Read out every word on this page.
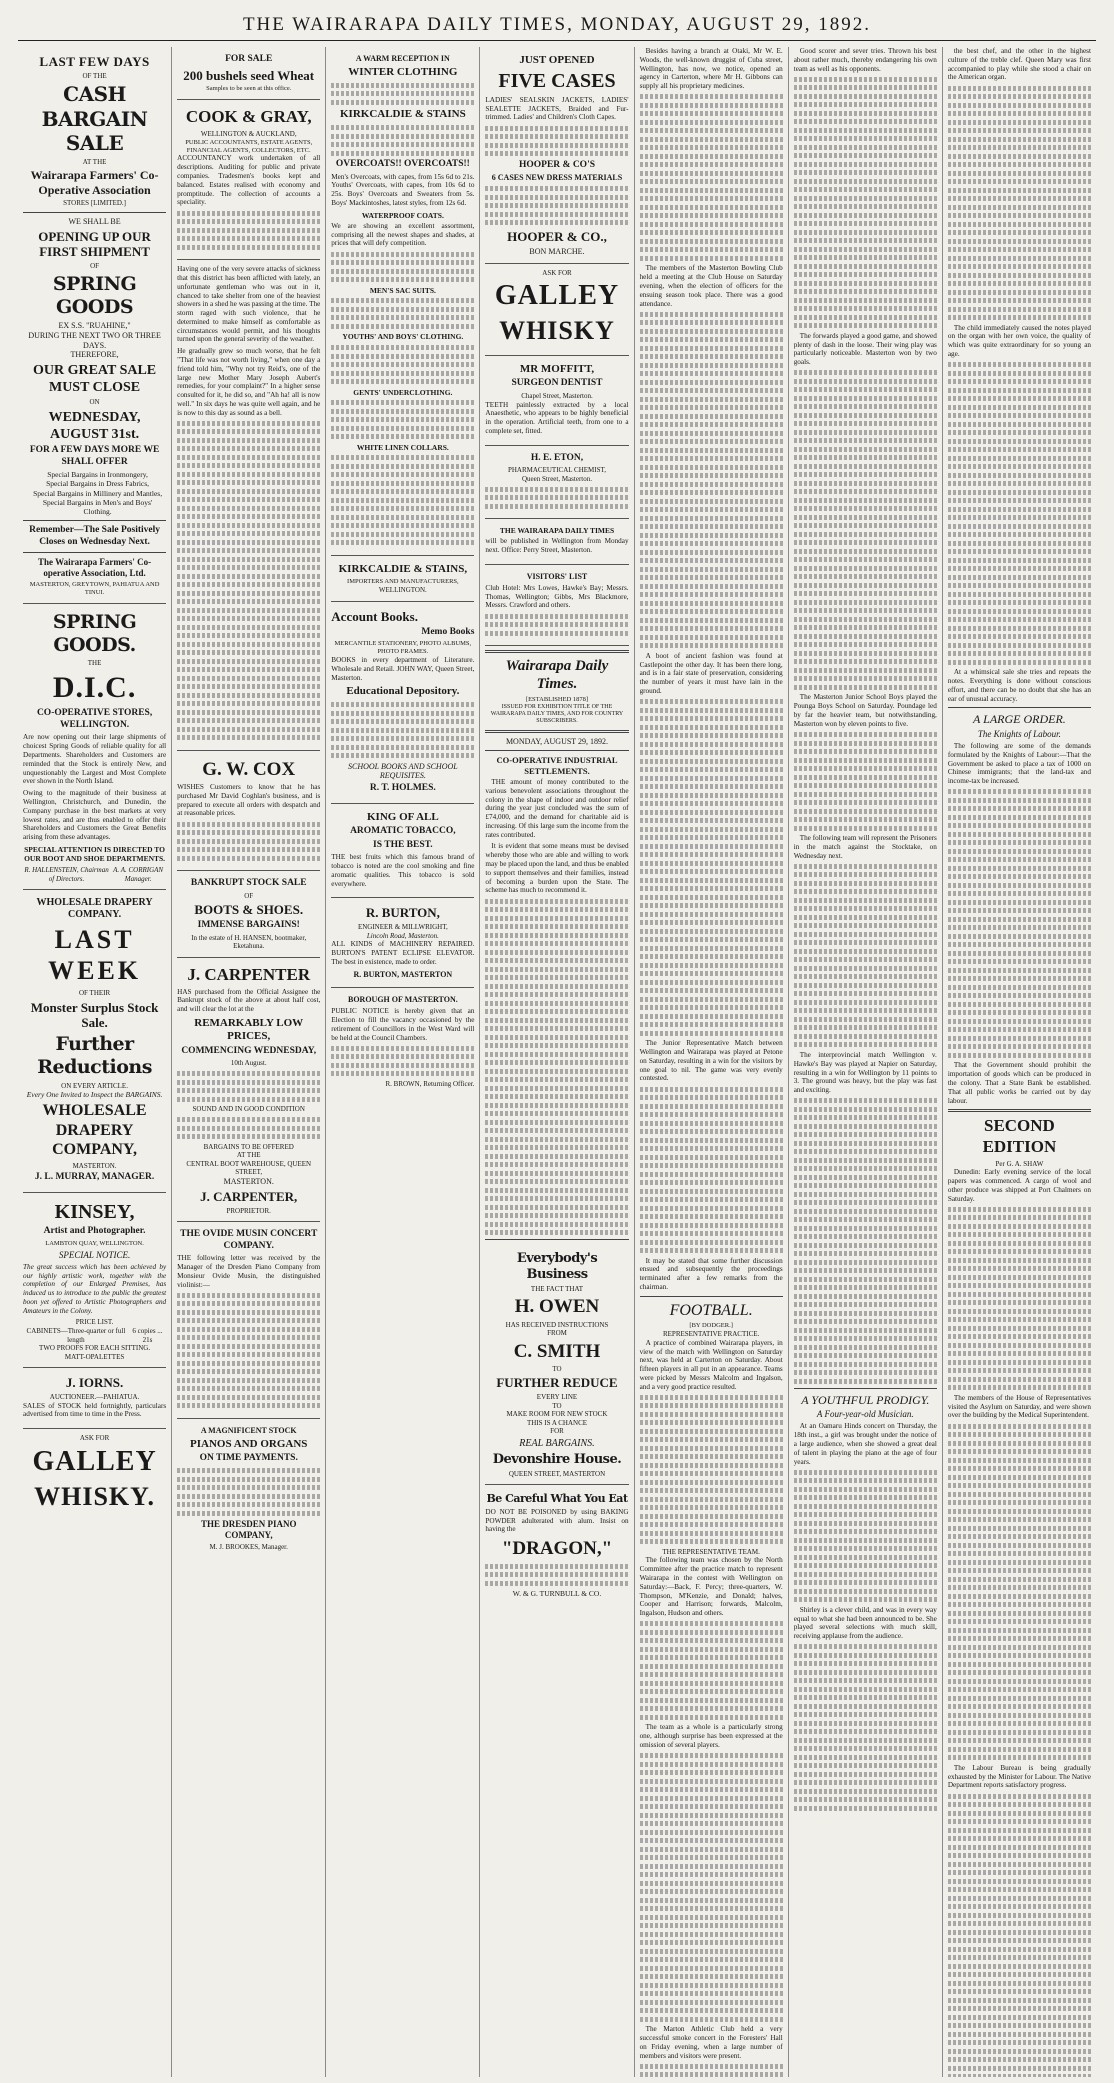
THE WAIRARAPA DAILY TIMES, MONDAY, AUGUST 29, 1892.
LAST FEW DAYS
OF THE
CASH BARGAIN SALE
AT THE
Wairarapa Farmers' Co-Operative Association
STORES [LIMITED.]
WE SHALL BE
OPENING UP OUR FIRST SHIPMENT
OF
SPRING GOODS
EX S.S. "RUAHINE,"
DURING THE NEXT TWO OR THREE DAYS.
THEREFORE,
OUR GREAT SALE MUST CLOSE
ON
WEDNESDAY, AUGUST 31st.
FOR A FEW DAYS MORE WE SHALL OFFER
Special Bargains in Ironmongery,
Special Bargains in Dress Fabrics,
Special Bargains in Millinery and Mantles,
Special Bargains in Men's and Boys' Clothing.
Remember—The Sale Positively Closes on Wednesday Next.
The Wairarapa Farmers' Co-operative Association, Ltd.
MASTERTON, GREYTOWN, PAHIATUA AND TINUI.
SPRING GOODS.
THE
D.I.C.
CO-OPERATIVE STORES, WELLINGTON.

Are now opening out their large shipments of choicest Spring Goods of reliable quality for all Departments. Shareholders and Customers are reminded that the Stock is entirely New, and unquestionably the Largest and Most Complete ever shown in the North Island.

Owing to the magnitude of their business at Wellington, Christchurch, and Dunedin, the Company purchase in the best markets at very lowest rates, and are thus enabled to offer their Shareholders and Customers the Great Benefits arising from these advantages.

SPECIAL ATTENTION IS DIRECTED TO OUR BOOT AND SHOE DEPARTMENTS.
R. HALLENSTEIN, Chairman of Directors.
A. A. CORRIGAN Manager.
WHOLESALE DRAPERY COMPANY.
LAST WEEK
OF THEIR
Monster Surplus Stock Sale.
Further Reductions
ON EVERY ARTICLE.
Every One Invited to Inspect the BARGAINS.
WHOLESALE DRAPERY COMPANY,
MASTERTON.
J. L. MURRAY, MANAGER.
KINSEY,
Artist and Photographer.
LAMBTON QUAY, WELLINGTON.
SPECIAL NOTICE.

The great success which has been achieved by our highly artistic work, together with the completion of our Enlarged Premises, has induced us to introduce to the public the greatest boon yet offered to Artistic Photographers and Amateurs in the Colony.

PRICE LIST.
CABINETS—Three-quarter or full length
6 copies ... 21s
TWO PROOFS FOR EACH SITTING.
MATT-OPALETTES
J. IORNS.
AUCTIONEER.—PAHIATUA.

SALES of STOCK held fortnightly, particulars advertised from time to time in the Press.

ASK FOR
GALLEY
WHISKY.
FOR SALE
200 bushels seed Wheat
Samples to be seen at this office.
COOK & GRAY,
WELLINGTON & AUCKLAND,
PUBLIC ACCOUNTANTS, ESTATE AGENTS, FINANCIAL AGENTS, COLLECTORS, ETC.

ACCOUNTANCY work undertaken of all descriptions. Auditing for public and private companies. Tradesmen's books kept and balanced. Estates realised with economy and promptitude. The collection of accounts a speciality.

Having one of the very severe attacks of sickness that this district has been afflicted with lately, an unfortunate gentleman who was out in it, chanced to take shelter from one of the heaviest showers in a shed he was passing at the time. The storm raged with such violence, that he determined to make himself as comfortable as circumstances would permit, and his thoughts turned upon the general severity of the weather.

He gradually grew so much worse, that he felt "That life was not worth living," when one day a friend told him, "Why not try Reid's, one of the large new Mother Mary Joseph Aubert's remedies, for your complaint?" In a higher sense consulted for it, he did so, and "Ah ha! all is now well." In six days he was quite well again, and he is now to this day as sound as a bell.

G. W. COX

WISHES Customers to know that he has purchased Mr David Coghlan's business, and is prepared to execute all orders with despatch and at reasonable prices.

BANKRUPT STOCK SALE
OF
BOOTS & SHOES.
IMMENSE BARGAINS!
In the estate of H. HANSEN, bootmaker, Eketahuna.
J. CARPENTER

HAS purchased from the Official Assignee the Bankrupt stock of the above at about half cost, and will clear the lot at the

REMARKABLY LOW PRICES,
COMMENCING WEDNESDAY,
10th August.
SOUND AND IN GOOD CONDITION
BARGAINS TO BE OFFERED
AT THE
CENTRAL BOOT WAREHOUSE, QUEEN STREET,
MASTERTON.
J. CARPENTER,
PROPRIETOR.
THE OVIDE MUSIN CONCERT COMPANY.

THE following letter was received by the Manager of the Dresden Piano Company from Monsieur Ovide Musin, the distinguished violinist:—

A MAGNIFICENT STOCK
PIANOS AND ORGANS
ON TIME PAYMENTS.
THE DRESDEN PIANO COMPANY,
M. J. BROOKES, Manager.
A WARM RECEPTION IN
WINTER CLOTHING
KIRKCALDIE & STAINS
OVERCOATS!! OVERCOATS!!

Men's Overcoats, with capes, from 15s 6d to 21s. Youths' Overcoats, with capes, from 10s 6d to 25s. Boys' Overcoats and Sweaters from 5s. Boys' Mackintoshes, latest styles, from 12s 6d.

WATERPROOF COATS.

We are showing an excellent assortment, comprising all the newest shapes and shades, at prices that will defy competition.

MEN'S SAC SUITS.
YOUTHS' AND BOYS' CLOTHING.
GENTS' UNDERCLOTHING.
WHITE LINEN COLLARS.
KIRKCALDIE & STAINS,
IMPORTERS AND MANUFACTURERS,
WELLINGTON.
Account Books.
Memo Books
MERCANTILE STATIONERY, PHOTO ALBUMS, PHOTO FRAMES.

BOOKS in every department of Literature. Wholesale and Retail. JOHN WAY, Queen Street, Masterton.

Educational Depository.
SCHOOL BOOKS AND SCHOOL REQUISITES.
R. T. HOLMES.
KING OF ALL
AROMATIC TOBACCO,
IS THE BEST.

THE best fruits which this famous brand of tobacco is noted are the cool smoking and fine aromatic qualities. This tobacco is sold everywhere.

R. BURTON,
ENGINEER & MILLWRIGHT,
Lincoln Road, Masterton.

ALL KINDS of MACHINERY REPAIRED. BURTON'S PATENT ECLIPSE ELEVATOR. The best in existence, made to order.

R. BURTON, MASTERTON
BOROUGH OF MASTERTON.

PUBLIC NOTICE is hereby given that an Election to fill the vacancy occasioned by the retirement of Councillors in the West Ward will be held at the Council Chambers.

R. BROWN, Returning Officer.
JUST OPENED
FIVE CASES

LADIES' SEALSKIN JACKETS, LADIES' SEALETTE JACKETS, Braided and Fur-trimmed. Ladies' and Children's Cloth Capes.

HOOPER & CO'S
6 CASES NEW DRESS MATERIALS
HOOPER & CO.,
BON MARCHE.
ASK FOR
GALLEY
WHISKY
MR MOFFITT,
SURGEON DENTIST
Chapel Street, Masterton.

TEETH painlessly extracted by a local Anaesthetic, who appears to be highly beneficial in the operation. Artificial teeth, from one to a complete set, fitted.

H. E. ETON,
PHARMACEUTICAL CHEMIST,
Queen Street, Masterton.
THE WAIRARAPA DAILY TIMES

will be published in Wellington from Monday next. Office: Perry Street, Masterton.

VISITORS' LIST

Club Hotel: Mrs Lowes, Hawke's Bay; Messrs. Thomas, Wellington; Gibbs, Mrs Blackmore, Messrs. Crawford and others.

Wairarapa Daily Times.
[ESTABLISHED 1878]
ISSUED FOR EXHIBITION TITLE OF THE WAIRARAPA DAILY TIMES, AND FOR COUNTRY SUBSCRIBERS.
MONDAY, AUGUST 29, 1892.
CO-OPERATIVE INDUSTRIAL SETTLEMENTS.

THE amount of money contributed to the various benevolent associations throughout the colony in the shape of indoor and outdoor relief during the year just concluded was the sum of £74,000, and the demand for charitable aid is increasing. Of this large sum the income from the rates contributed.

It is evident that some means must be devised whereby those who are able and willing to work may be placed upon the land, and thus be enabled to support themselves and their families, instead of becoming a burden upon the State. The scheme has much to recommend it.

Everybody's Business
THE FACT THAT
H. OWEN
HAS RECEIVED INSTRUCTIONS
FROM
C. SMITH
TO
FURTHER REDUCE
EVERY LINE
TO
MAKE ROOM FOR NEW STOCK
THIS IS A CHANCE
FOR
REAL BARGAINS.
Devonshire House.
QUEEN STREET, MASTERTON
Be Careful What You Eat

DO NOT BE POISONED by using BAKING POWDER adulterated with alum. Insist on having the

"DRAGON,"
W. & G. TURNBULL & CO.

Besides having a branch at Otaki, Mr W. E. Woods, the well-known druggist of Cuba street, Wellington, has now, we notice, opened an agency in Carterton, where Mr H. Gibbons can supply all his proprietary medicines.

The members of the Masterton Bowling Club held a meeting at the Club House on Saturday evening, when the election of officers for the ensuing season took place. There was a good attendance.

A boot of ancient fashion was found at Castlepoint the other day. It has been there long, and is in a fair state of preservation, considering the number of years it must have lain in the ground.

The Junior Representative Match between Wellington and Wairarapa was played at Petone on Saturday, resulting in a win for the visitors by one goal to nil. The game was very evenly contested.

It may be stated that some further discussion ensued and subsequently the proceedings terminated after a few remarks from the chairman.

FOOTBALL.
[BY DODGER.]
REPRESENTATIVE PRACTICE.

A practice of combined Wairarapa players, in view of the match with Wellington on Saturday next, was held at Carterton on Saturday. About fifteen players in all put in an appearance. Teams were picked by Messrs Malcolm and Ingalson, and a very good practice resulted.

THE REPRESENTATIVE TEAM.

The following team was chosen by the North Committee after the practice match to represent Wairarapa in the contest with Wellington on Saturday:—Back, F. Percy; three-quarters, W. Thompson, M'Kenzie, and Donald; halves, Cooper and Harrison; forwards, Malcolm, Ingalson, Hudson and others.

The team as a whole is a particularly strong one, although surprise has been expressed at the omission of several players.

The Marton Athletic Club held a very successful smoke concert in the Foresters' Hall on Friday evening, when a large number of members and visitors were present.

Good scorer and sever tries. Thrown his best about rather much, thereby endangering his own team as well as his opponents.

The forwards played a good game, and showed plenty of dash in the loose. Their wing play was particularly noticeable. Masterton won by two goals.

The Masterton Junior School Boys played the Pounga Boys School on Saturday. Poundage led by far the heavier team, but notwithstanding, Masterton won by eleven points to five.

The following team will represent the Prisoners in the match against the Stocktake, on Wednesday next.

The interprovincial match Wellington v. Hawke's Bay was played at Napier on Saturday, resulting in a win for Wellington by 11 points to 3. The ground was heavy, but the play was fast and exciting.

A YOUTHFUL PRODIGY.
A Four-year-old Musician.

At an Oamaru Hinds concert on Thursday, the 18th inst., a girl was brought under the notice of a large audience, when she showed a great deal of talent in playing the piano at the age of four years.

Shirley is a clever child, and was in every way equal to what she had been announced to be. She played several selections with much skill, receiving applause from the audience.

the best chef, and the other in the highest culture of the treble clef. Queen Mary was first accompanied to play while she stood a chair on the American organ.

The child immediately caused the notes played on the organ with her own voice, the quality of which was quite extraordinary for so young an age.

At a whimsical sale she tries and repeats the notes. Everything is done without conscious effort, and there can be no doubt that she has an ear of unusual accuracy.

A LARGE ORDER.
The Knights of Labour.

The following are some of the demands formulated by the Knights of Labour:—That the Government be asked to place a tax of 1000 on Chinese immigrants; that the land-tax and income-tax be increased.

That the Government should prohibit the importation of goods which can be produced in the colony. That a State Bank be established. That all public works be carried out by day labour.

SECOND EDITION
Per G. A. SHAW

Dunedin: Early evening service of the local papers was commenced. A cargo of wool and other produce was shipped at Port Chalmers on Saturday.

The members of the House of Representatives visited the Asylum on Saturday, and were shown over the building by the Medical Superintendent.

The Labour Bureau is being gradually exhausted by the Minister for Labour. The Native Department reports satisfactory progress.
